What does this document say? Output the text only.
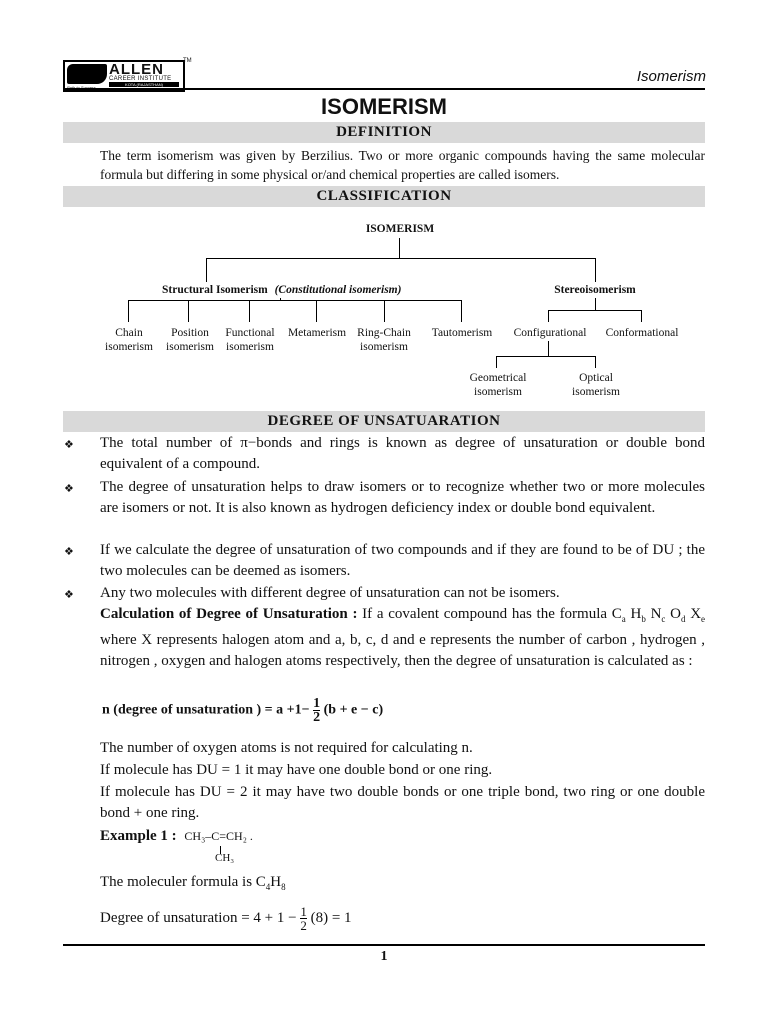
ALLEN
CAREER INSTITUTE
KOTA (RAJASTHAN)
TM
Isomerism
ISOMERISM
DEFINITION
The term isomerism was given by Berzilius. Two or more organic compounds having the same molecular formula but differing in some physical or/and chemical properties are called isomers.
CLASSIFICATION
ISOMERISM
Structural Isomerism (Constitutional isomerism)	Stereoisomerism
Chain
isomerism
Position
isomerism
Functional
isomerism
Metamerism Ring-Chain
isomerism
Tautomerism	Configurational	Conformational
Geometrical
isomerism
Optical
isomerism
DEGREE OF UNSATUARATION
❖ The total number of π−bonds and rings is known as degree of unsaturation or double bond equivalent of a compound.
❖ The degree of unsaturation helps to draw isomers or to recognize whether two or more molecules are isomers or not. It is also known as hydrogen deficiency index or double bond equivalent.
❖ If we calculate the degree of unsaturation of two compounds and if they are found to be of DU ; the two molecules can be deemed as isomers.
❖ Any two molecules with different degree of unsaturation can not be isomers.
Calculation of Degree of Unsaturation : If a covalent compound has the formula $C_a$ $H_b$ $N_c$ $O_d$ $X_e$ where X represents halogen atom and a, b, c, d and e represents the number of carbon , hydrogen , nitrogen , oxygen and halogen atoms respectively, then the degree of unsaturation is calculated as :
n (degree of unsaturation ) = $a +1- \frac{1}{2} (b + e - c)$
The number of oxygen atoms is not required for calculating n.
If molecule has DU = 1 it may have one double bond or one ring.
If molecule has DU = 2 it may have two double bonds or one triple bond, two ring or one double bond + one ring.
Example 1 : CH₃–C=CH₂ .
CH₃
The moleculer formula is $C_4H_8$
Degree of unsaturation = $4 + 1 - \frac{1}{2} (8) = 1$
1
